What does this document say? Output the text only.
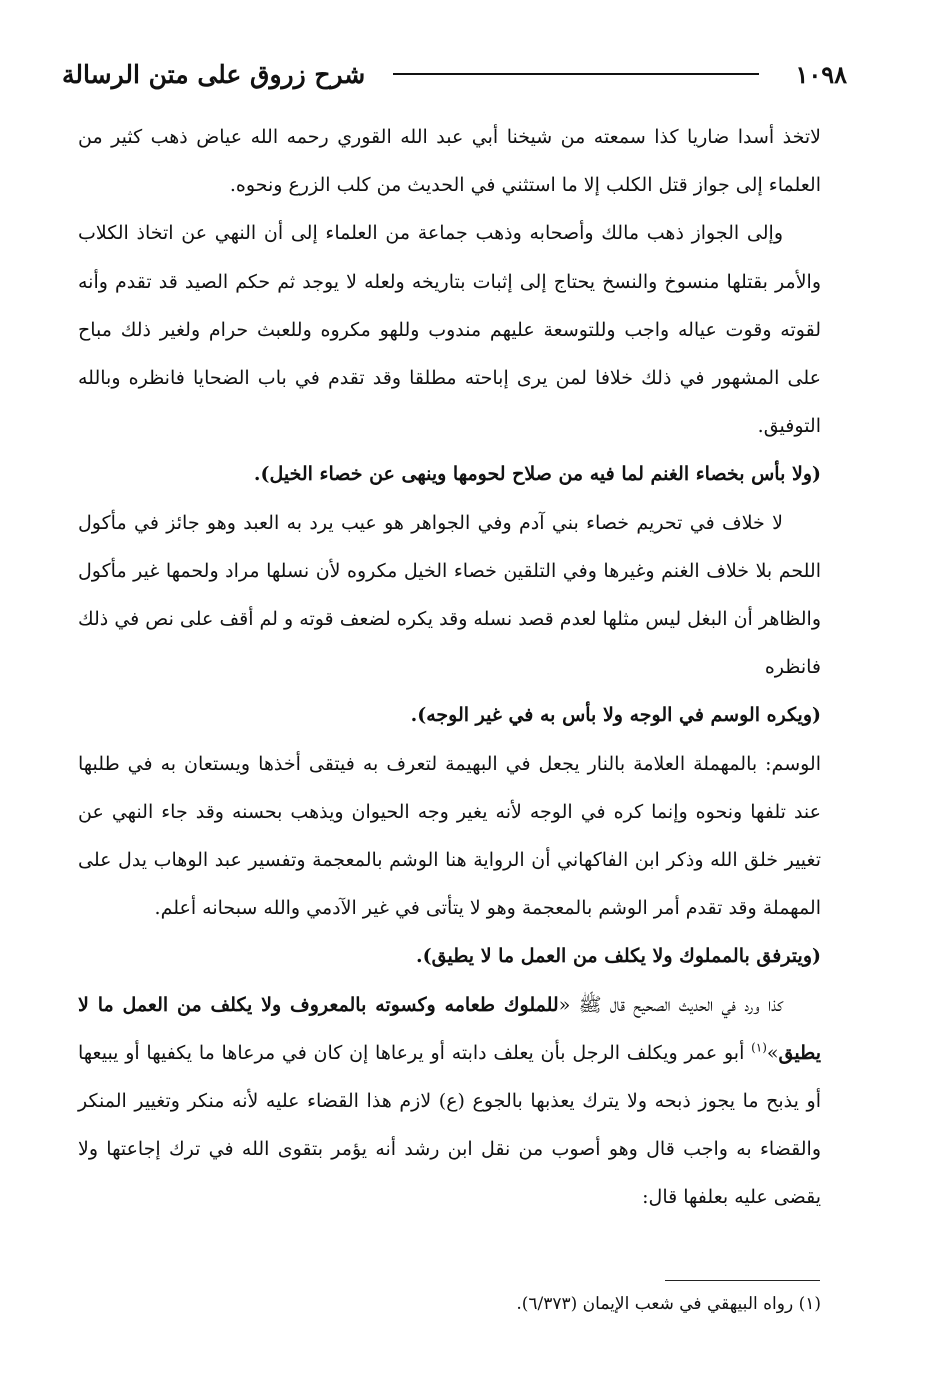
١٠٩٨
شرح زروق على متن الرسالة

لاتخذ أسدا ضاريا كذا سمعته من شيخنا أبي عبد الله القوري رحمه الله عياض ذهب كثير من العلماء إلى جواز قتل الكلب إلا ما استثني في الحديث من كلب الزرع ونحوه.

وإلى الجواز ذهب مالك وأصحابه وذهب جماعة من العلماء إلى أن النهي عن اتخاذ الكلاب والأمر بقتلها منسوخ والنسخ يحتاج إلى إثبات بتاريخه ولعله لا يوجد ثم حكم الصيد قد تقدم وأنه لقوته وقوت عياله واجب وللتوسعة عليهم مندوب وللهو مكروه وللعبث حرام ولغير ذلك مباح على المشهور في ذلك خلافا لمن يرى إباحته مطلقا وقد تقدم في باب الضحايا فانظره وبالله التوفيق.

(ولا بأس بخصاء الغنم لما فيه من صلاح لحومها وينهى عن خصاء الخيل).

لا خلاف في تحريم خصاء بني آدم وفي الجواهر هو عيب يرد به العبد وهو جائز في مأكول اللحم بلا خلاف الغنم وغيرها وفي التلقين خصاء الخيل مكروه لأن نسلها مراد ولحمها غير مأكول والظاهر أن البغل ليس مثلها لعدم قصد نسله وقد يكره لضعف قوته و لم أقف على نص في ذلك فانظره

(ويكره الوسم في الوجه ولا بأس به في غير الوجه).

الوسم: بالمهملة العلامة بالنار يجعل في البهيمة لتعرف به فيتقى أخذها ويستعان به في طلبها عند تلفها ونحوه وإنما كره في الوجه لأنه يغير وجه الحيوان ويذهب بحسنه وقد جاء النهي عن تغيير خلق الله وذكر ابن الفاكهاني أن الرواية هنا الوشم بالمعجمة وتفسير عبد الوهاب يدل على المهملة وقد تقدم أمر الوشم بالمعجمة وهو لا يتأتى في غير الآدمي والله سبحانه أعلم.

(ويترفق بالمملوك ولا يكلف من العمل ما لا يطيق).

كذا ورد في الحديث الصحيح قال ﷺ «للملوك طعامه وكسوته بالمعروف ولا يكلف من العمل ما لا يطيق»$^{(١)}$ أبو عمر ويكلف الرجل بأن يعلف دابته أو يرعاها إن كان في مرعاها ما يكفيها أو يبيعها أو يذبح ما يجوز ذبحه ولا يترك يعذبها بالجوع (ع) لازم هذا القضاء عليه لأنه منكر وتغيير المنكر والقضاء به واجب قال وهو أصوب من نقل ابن رشد أنه يؤمر بتقوى الله في ترك إجاعتها ولا يقضى عليه بعلفها قال:

(١) رواه البيهقي في شعب الإيمان (٦/٣٧٣).
